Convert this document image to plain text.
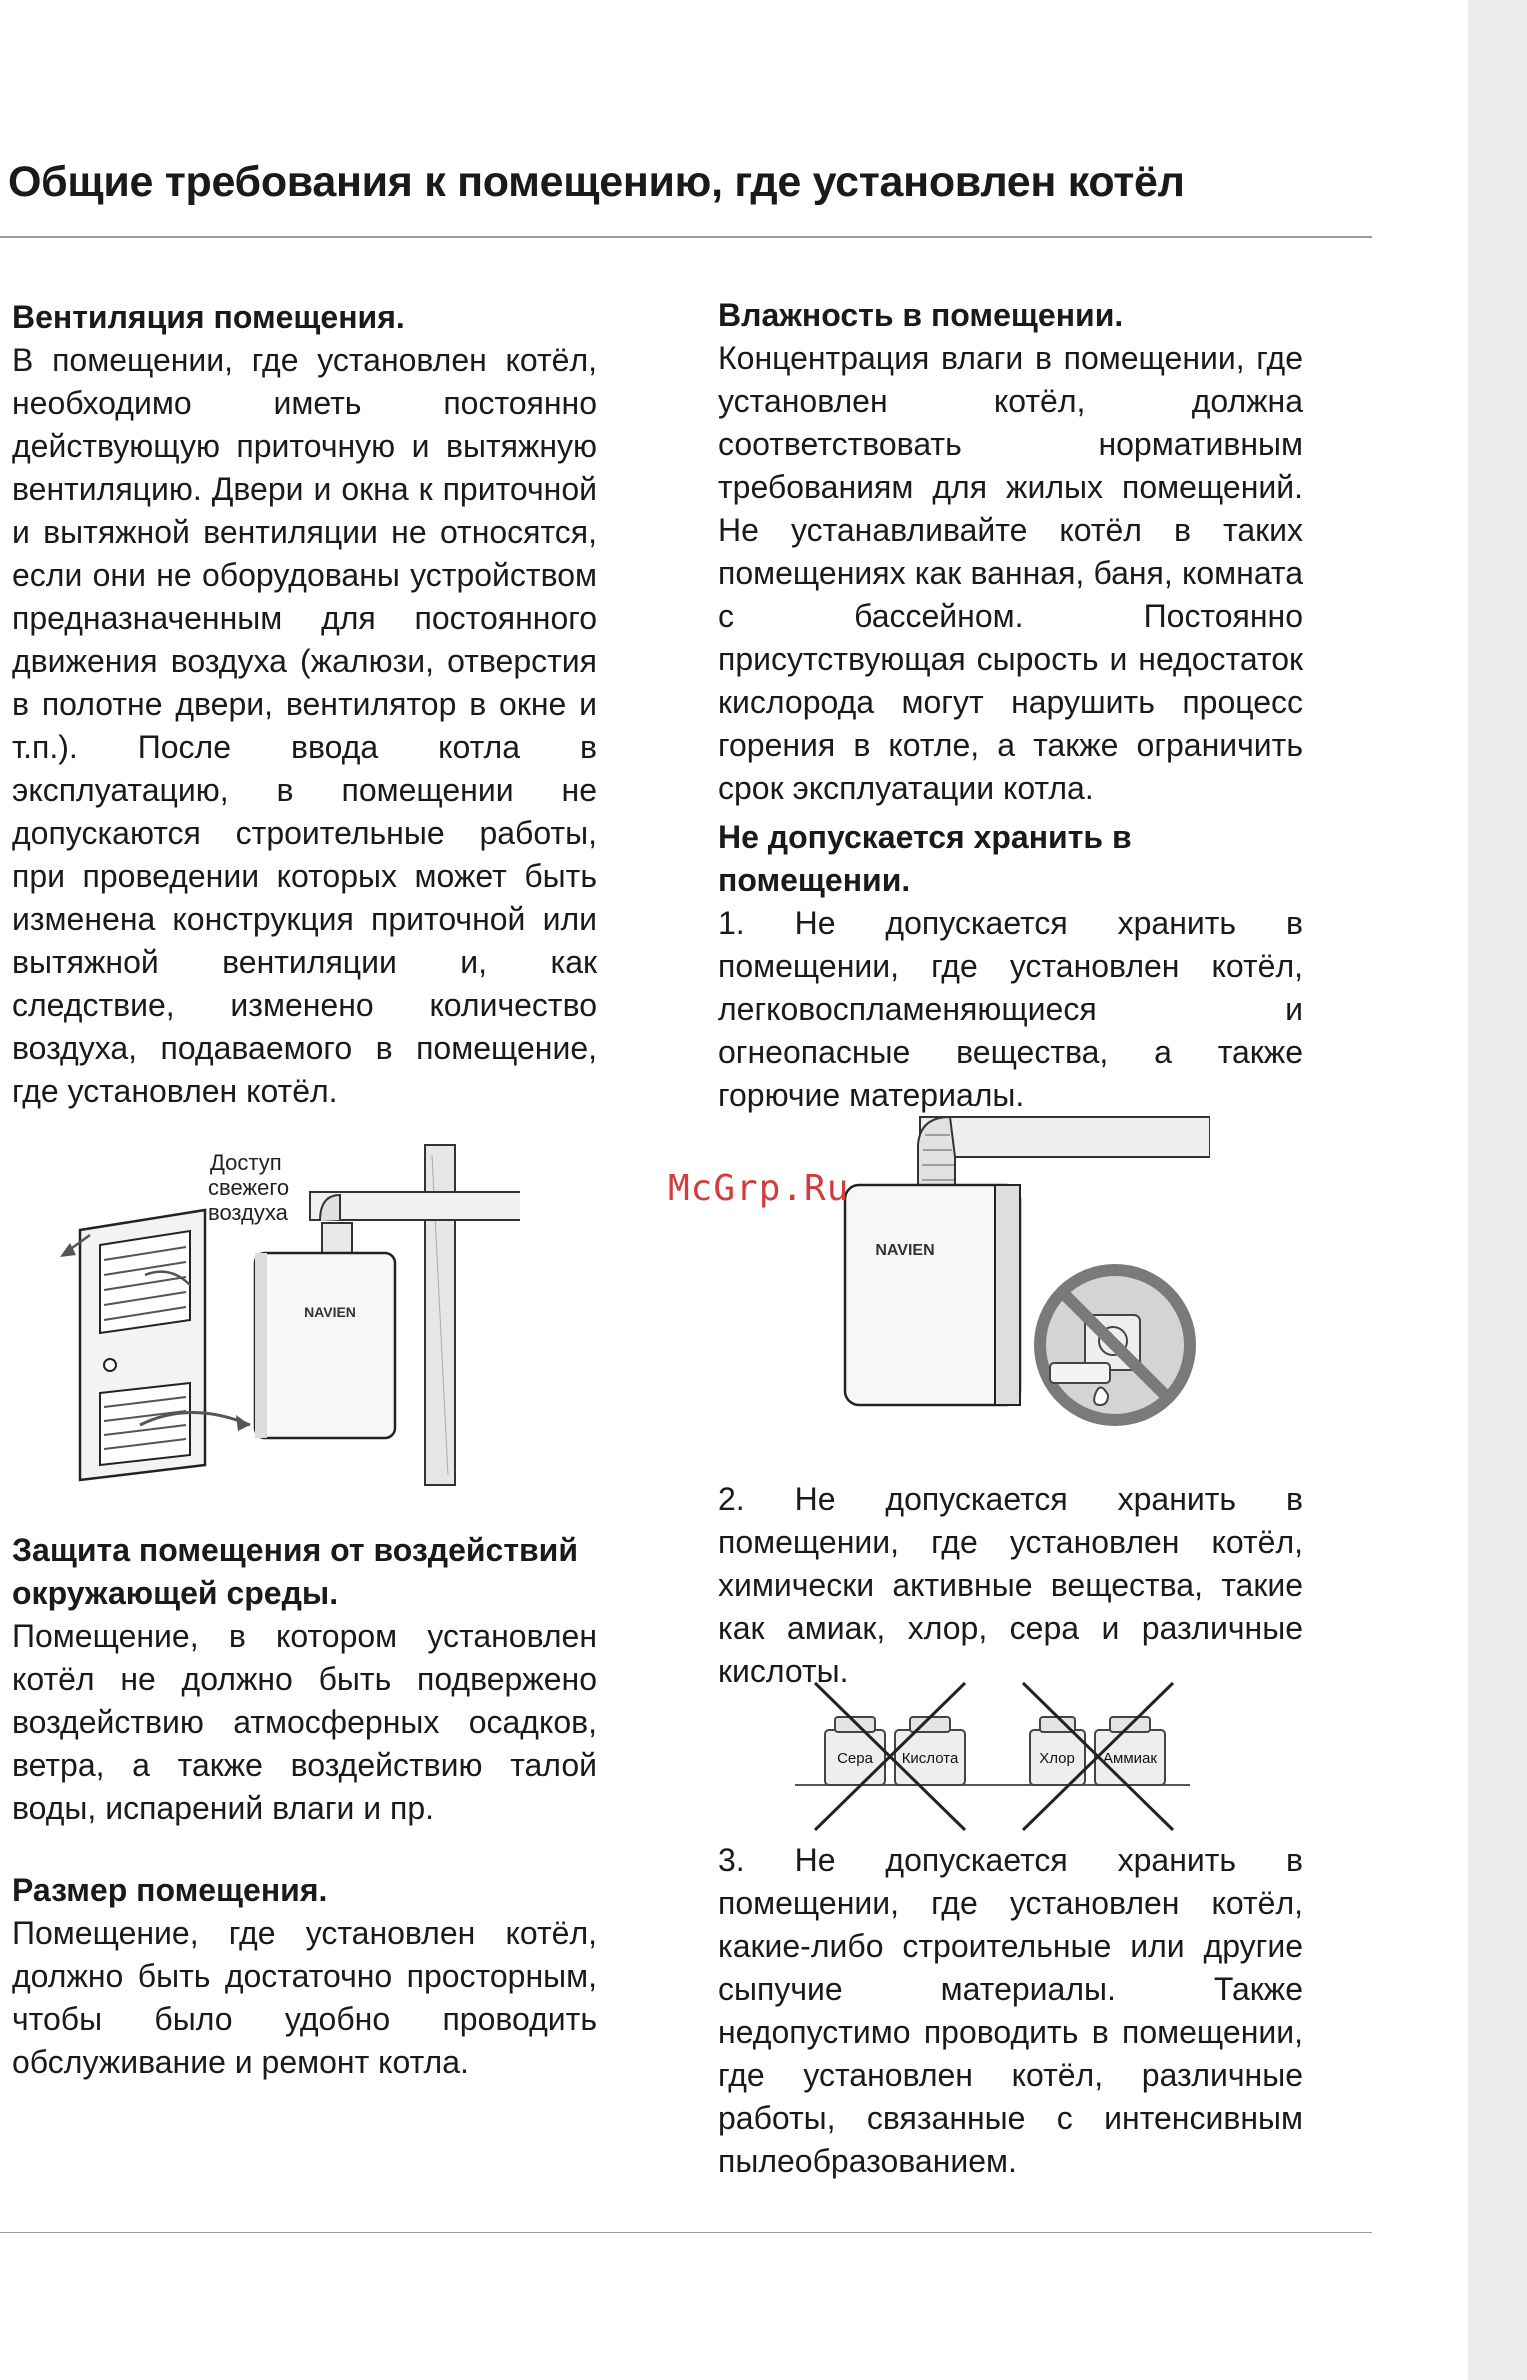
Общие требования к помещению, где установлен котёл
Вентиляция помещения.

В помещении, где установлен котёл, необходимо иметь постоянно действующую приточную и вытяжную вентиляцию. Двери и окна к приточной и вытяжной вентиляции не относятся, если они не оборудованы устройством предназначенным для постоянного движения воздуха (жалюзи, отверстия в полотне двери, вентилятор в окне и т.п.). После ввода котла в эксплуатацию, в помещении не допускаются строительные работы, при проведении которых может быть изменена конструкция приточной или вытяжной вентиляции и, как следствие, изменено количество воздуха, подаваемого в помещение, где установлен котёл.

Защита помещения от воздействий окружающей среды.

Помещение, в котором установлен котёл не должно быть подвержено воздействию атмосферных осадков, ветра, а также воздействию талой воды, испарений влаги и пр.

Размер помещения.

Помещение, где установлен котёл, должно быть достаточно просторным, чтобы было удобно проводить обслуживание и ремонт котла.

NAVIEN
Доступ
свежего
воздуха
Влажность в помещении.

Концентрация влаги в помещении, где установлен котёл, должна соответствовать нормативным требованиям для жилых помещений. Не устанавливайте котёл в таких помещениях как ванная, баня, комната с бассейном. Постоянно присутствующая сырость и недостаток кислорода могут нарушить процесс горения в котле, а также ограничить срок эксплуатации котла.

Не допускается хранить в помещении.

1. Не допускается хранить в помещении, где установлен котёл, легковоспламеняющиеся и огнеопасные вещества, а также горючие материалы.

2. Не допускается хранить в помещении, где установлен котёл, химически активные вещества, такие как амиак, хлор, сера и различные кислоты.

3. Не допускается хранить в помещении, где установлен котёл, какие-либо строительные или другие сыпучие материалы. Также недопустимо проводить в помещении, где установлен котёл, различные работы, связанные с интенсивным пылеобразованием.

NAVIEN
Сера Кислота	Хлор Аммиак
McGrp.Ru
